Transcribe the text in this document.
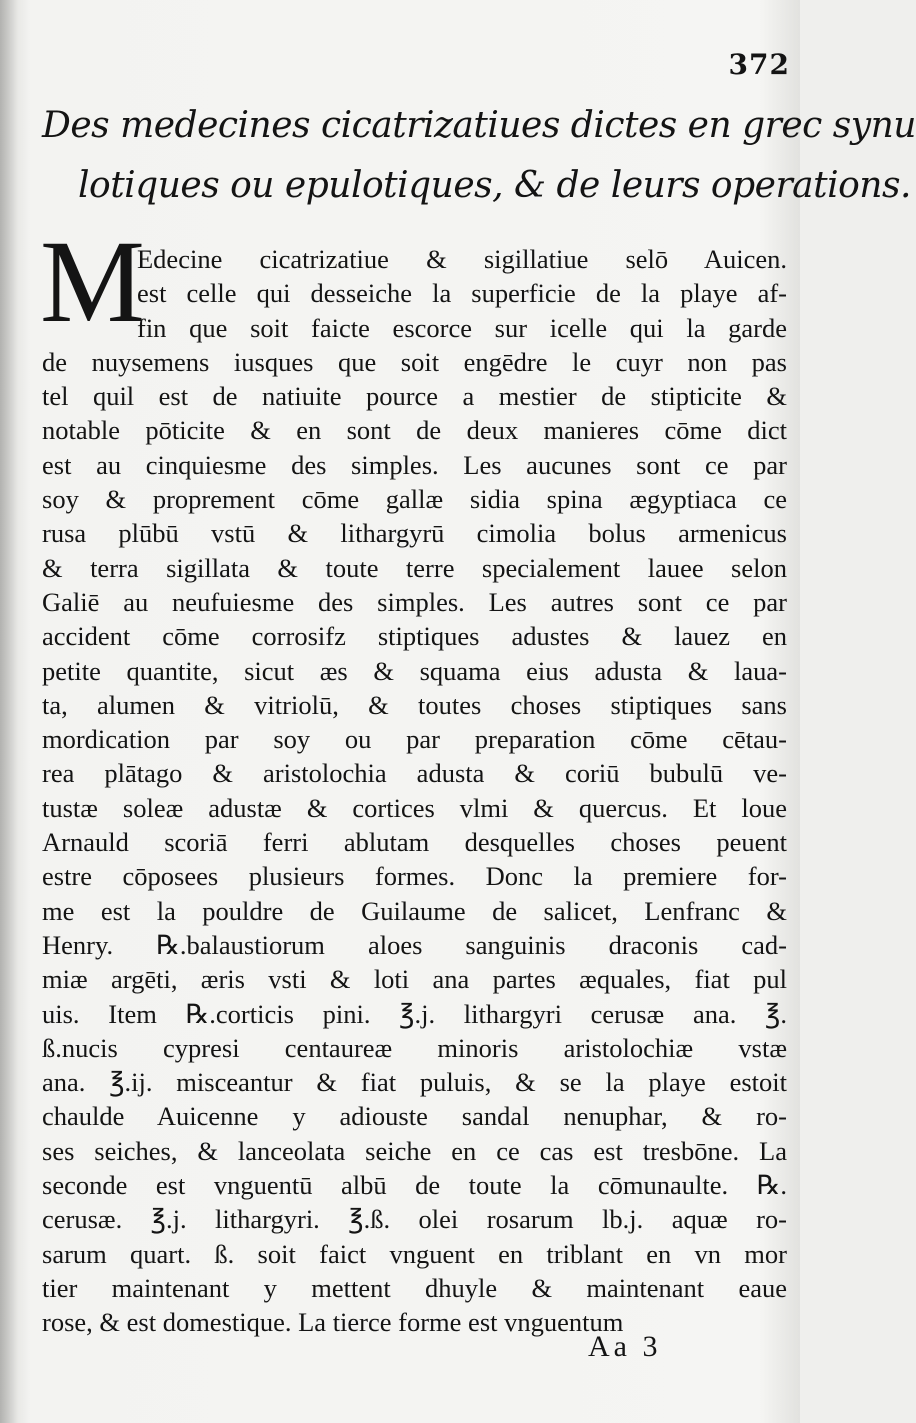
372
Des medecines cicatrizatiues dictes en grec synu
lotiques ou epulotiques, & de leurs operations.
M
Edecine cicatrizatiue & sigillatiue selō Auicen.
est celle qui desseiche la superficie de la playe af-
fin que soit faicte escorce sur icelle qui la garde
de nuysemens iusques que soit engēdre le cuyr non pas
tel quil est de natiuite pource a mestier de stipticite &
notable pōticite & en sont de deux manieres cōme dict
est au cinquiesme des simples. Les aucunes sont ce par
soy & proprement cōme gallæ sidia spina ægyptiaca ce
rusa plūbū vstū & lithargyrū cimolia bolus armenicus
& terra sigillata & toute terre specialement lauee selon
Galiē au neufuiesme des simples. Les autres sont ce par
accident cōme corrosifz stiptiques adustes & lauez en
petite quantite, sicut æs & squama eius adusta & laua-
ta, alumen & vitriolū, & toutes choses stiptiques sans
mordication par soy ou par preparation cōme cētau-
rea plātago & aristolochia adusta & coriū bubulū ve-
tustæ soleæ adustæ & cortices vlmi & quercus. Et loue
Arnauld scoriā ferri ablutam desquelles choses peuent
estre cōposees plusieurs formes. Donc la premiere for-
me est la pouldre de Guilaume de salicet, Lenfranc &
Henry. ℞.balaustiorum aloes sanguinis draconis cad-
miæ argēti, æris vsti & loti ana partes æquales, fiat pul
uis. Item ℞.corticis pini. ℥.j. lithargyri cerusæ ana. ℥.
ß.nucis cypresi centaureæ minoris aristolochiæ vstæ
ana. ℥.ij. misceantur & fiat puluis, & se la playe estoit
chaulde Auicenne y adiouste sandal nenuphar, & ro-
ses seiches, & lanceolata seiche en ce cas est tresbōne. La
seconde est vnguentū albū de toute la cōmunaulte. ℞.
cerusæ. ℥.j. lithargyri. ℥.ß. olei rosarum lb.j. aquæ ro-
sarum quart. ß. soit faict vnguent en triblant en vn mor
tier maintenant y mettent dhuyle & maintenant eaue
rose, & est domestique. La tierce forme est vnguentum
Aa 3
